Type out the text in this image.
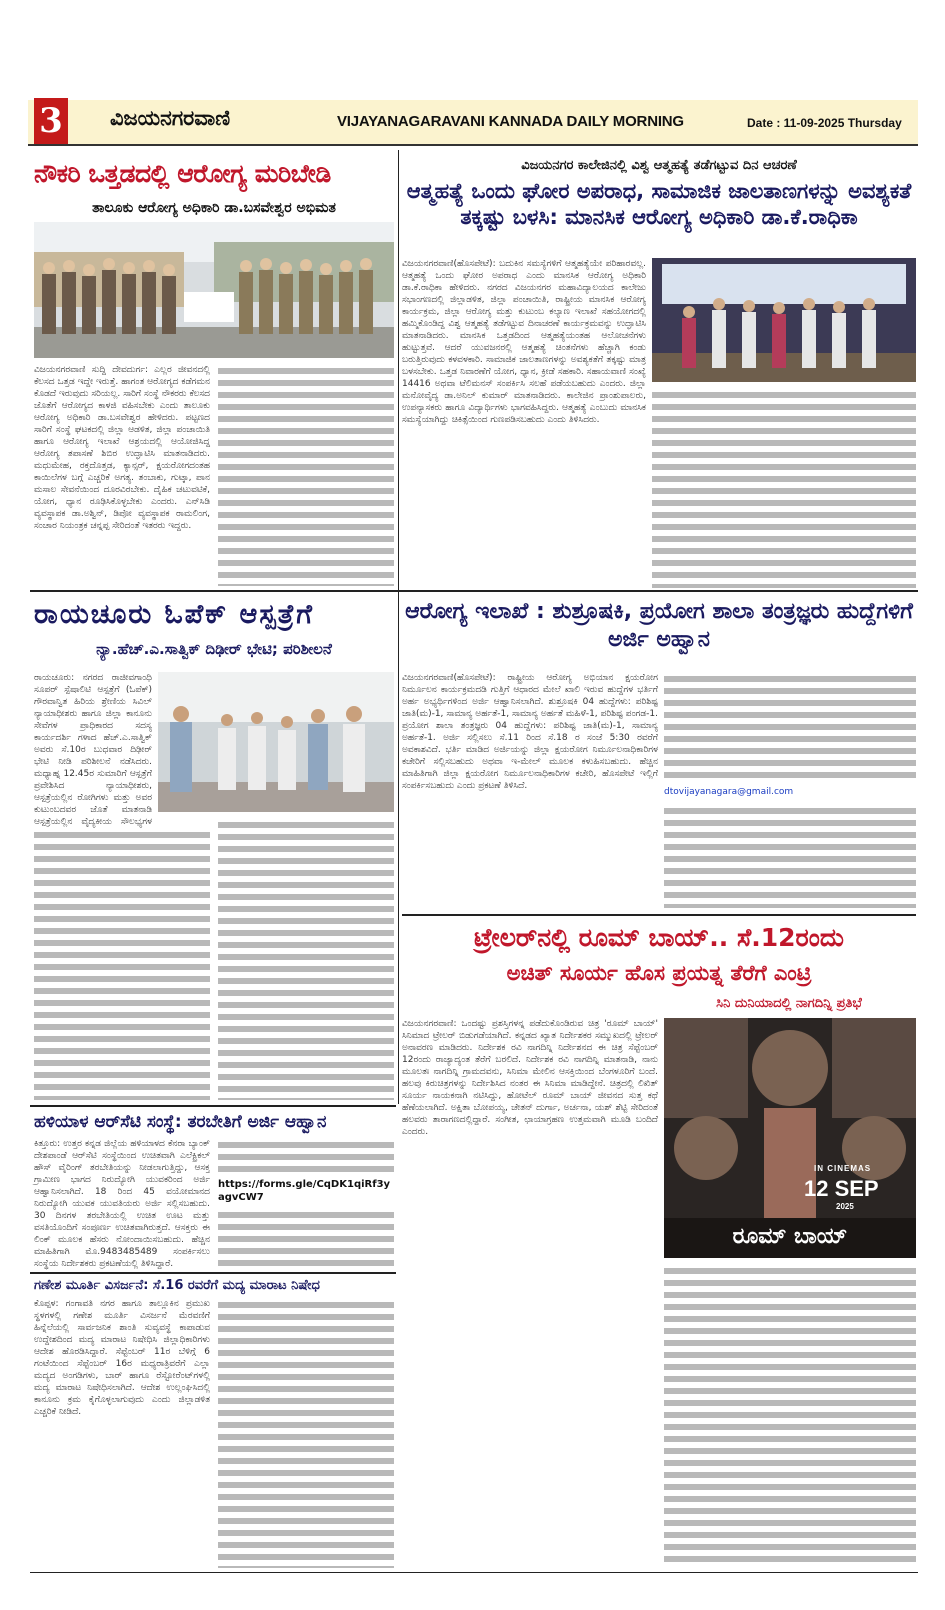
3 ವಿಜಯನಗರವಾಣಿ	VIJAYANAGARAVANI KANNADA DAILY MORNING	Date : 11-09-2025 Thursday
ನೌಕರಿ ಒತ್ತಡದಲ್ಲಿ ಆರೋಗ್ಯ ಮರಿಬೇಡಿ
ತಾಲೂಕು ಆರೋಗ್ಯ ಅಧಿಕಾರಿ ಡಾ.ಬಸವೇಶ್ವರ ಅಭಿಮತ
ವಿಜಯನಗರವಾಣಿ ಸುದ್ದಿ ದೇವದುರ್ಗ: ಎಲ್ಲರ ಜೀವನದಲ್ಲಿ ಕೆಲಸದ ಒತ್ತಡ ಇದ್ದೇ ಇರುತ್ತೆ. ಹಾಗಂತ ಆರೋಗ್ಯದ ಕಡೆಗಮನ ಕೊಡದೆ ಇರುವುದು ಸರಿಯಲ್ಲ. ಸಾರಿಗೆ ಸಂಸ್ಥೆ ನೌಕರರು ಕೆಲಸದ ಜೊತೆಗೆ ಆರೋಗ್ಯದ ಕಾಳಜಿ ವಹಿಸಬೇಕು ಎಂದು ತಾಲೂಕು ಆರೋಗ್ಯ ಅಧಿಕಾರಿ ಡಾ.ಬಸವೇಶ್ವರ ಹೇಳಿದರು. ಪಟ್ಟಣದ ಸಾರಿಗೆ ಸಂಸ್ಥೆ ಘಟಕದಲ್ಲಿ ಜಿಲ್ಲಾ ಆಡಳಿತ, ಜಿಲ್ಲಾ ಪಂಚಾಯಿತಿ ಹಾಗೂ ಆರೋಗ್ಯ ಇಲಾಖೆ ಆಶ್ರಯದಲ್ಲಿ ಆಯೋಜಿಸಿದ್ದ ಆರೋಗ್ಯ ತಪಾಸಣೆ ಶಿಬಿರ ಉದ್ಘಾಟಿಸಿ ಮಾತನಾಡಿದರು. ಮಧುಮೇಹ, ರಕ್ತದೊತ್ತಡ, ಕ್ಯಾನ್ಸರ್, ಕ್ಷಯರೋಗದಂತಹ ಕಾಯಿಲೆಗಳ ಬಗ್ಗೆ ಎಚ್ಚರಿಕೆ ಅಗತ್ಯ. ತಂಬಾಕು, ಗುಟ್ಕಾ, ಪಾನ ಮಸಾಲ ಸೇವನೆಯಿಂದ ದೂರವಿರಬೇಕು. ದೈಹಿಕ ಚಟುವಟಿಕೆ, ಯೋಗ, ಧ್ಯಾನ ರೂಢಿಸಿಕೊಳ್ಳಬೇಕು ಎಂದರು. ಎನ್‌ಸಿಡಿ ವ್ಯವಸ್ಥಾಪಕ ಡಾ.ಅಶ್ವಿನ್, ಡಿಪೋ ವ್ಯವಸ್ಥಾಪಕ ರಾಮಲಿಂಗ, ಸಂಚಾರ ನಿಯಂತ್ರಕ ಚನ್ನಪ್ಪ ಸೇರಿದಂತೆ ಇತರರು ಇದ್ದರು.
ವಿಜಯನಗರ ಕಾಲೇಜಿನಲ್ಲಿ ವಿಶ್ವ ಆತ್ಮಹತ್ಯೆ ತಡೆಗಟ್ಟುವ ದಿನ ಆಚರಣೆ
ಆತ್ಮಹತ್ಯೆ ಒಂದು ಘೋರ ಅಪರಾಧ, ಸಾಮಾಜಿಕ ಜಾಲತಾಣಗಳನ್ನು ಅವಶ್ಯಕತೆ ತಕ್ಕಷ್ಟು ಬಳಸಿ: ಮಾನಸಿಕ ಆರೋಗ್ಯ ಅಧಿಕಾರಿ ಡಾ.ಕೆ.ರಾಧಿಕಾ
ವಿಜಯನಗರವಾಣಿ(ಹೊಸಪೇಟೆ): ಬದುಕಿನ ಸಮಸ್ಯೆಗಳಿಗೆ ಆತ್ಮಹತ್ಯೆಯೇ ಪರಿಹಾರವಲ್ಲ. ಆತ್ಮಹತ್ಯೆ ಒಂದು ಘೋರ ಅಪರಾಧ ಎಂದು ಮಾನಸಿಕ ಆರೋಗ್ಯ ಅಧಿಕಾರಿ ಡಾ.ಕೆ.ರಾಧಿಕಾ ಹೇಳಿದರು. ನಗರದ ವಿಜಯನಗರ ಮಹಾವಿದ್ಯಾಲಯದ ಕಾಲೇಜು ಸಭಾಂಗಣದಲ್ಲಿ ಜಿಲ್ಲಾಡಳಿತ, ಜಿಲ್ಲಾ ಪಂಚಾಯಿತಿ, ರಾಷ್ಟ್ರೀಯ ಮಾನಸಿಕ ಆರೋಗ್ಯ ಕಾರ್ಯಕ್ರಮ, ಜಿಲ್ಲಾ ಆರೋಗ್ಯ ಮತ್ತು ಕುಟುಂಬ ಕಲ್ಯಾಣ ಇಲಾಖೆ ಸಹಯೋಗದಲ್ಲಿ ಹಮ್ಮಿಕೊಂಡಿದ್ದ ವಿಶ್ವ ಆತ್ಮಹತ್ಯೆ ತಡೆಗಟ್ಟುವ ದಿನಾಚರಣೆ ಕಾರ್ಯಕ್ರಮವನ್ನು ಉದ್ಘಾಟಿಸಿ ಮಾತನಾಡಿದರು. ಮಾನಸಿಕ ಒತ್ತಡದಿಂದ ಆತ್ಮಹತ್ಯೆಯಂತಹ ಆಲೋಚನೆಗಳು ಹುಟ್ಟುತ್ತವೆ. ಆದರೆ ಯುವಜನರಲ್ಲಿ ಆತ್ಮಹತ್ಯೆ ಚಿಂತನೆಗಳು ಹೆಚ್ಚಾಗಿ ಕಂಡು ಬರುತ್ತಿರುವುದು ಕಳವಳಕಾರಿ. ಸಾಮಾಜಿಕ ಜಾಲತಾಣಗಳನ್ನು ಅವಶ್ಯಕತೆಗೆ ತಕ್ಕಷ್ಟು ಮಾತ್ರ ಬಳಸಬೇಕು. ಒತ್ತಡ ನಿವಾರಣೆಗೆ ಯೋಗ, ಧ್ಯಾನ, ಕ್ರೀಡೆ ಸಹಕಾರಿ. ಸಹಾಯವಾಣಿ ಸಂಖ್ಯೆ 14416 ಅಥವಾ ಟೆಲಿಮನಸ್ ಸಂಪರ್ಕಿಸಿ ಸಲಹೆ ಪಡೆಯಬಹುದು ಎಂದರು. ಜಿಲ್ಲಾ ಮನೋವೈದ್ಯ ಡಾ.ಅನಿಲ್ ಕುಮಾರ್ ಮಾತನಾಡಿದರು. ಕಾಲೇಜಿನ ಪ್ರಾಂಶುಪಾಲರು, ಉಪನ್ಯಾಸಕರು ಹಾಗೂ ವಿದ್ಯಾರ್ಥಿಗಳು ಭಾಗವಹಿಸಿದ್ದರು. ಆತ್ಮಹತ್ಯೆ ಎಂಬುದು ಮಾನಸಿಕ ಸಮಸ್ಯೆಯಾಗಿದ್ದು ಚಿಕಿತ್ಸೆಯಿಂದ ಗುಣಪಡಿಸಬಹುದು ಎಂದು ತಿಳಿಸಿದರು.
ರಾಯಚೂರು ಓಪೆಕ್ ಆಸ್ಪತ್ರೆಗೆ
ನ್ಯಾ.ಹೆಚ್.ಎ.ಸಾತ್ವಿಕ್ ದಿಢೀರ್ ಭೇಟಿ; ಪರಿಶೀಲನೆ
ರಾಯಚೂರು: ನಗರದ ರಾಜೀವಗಾಂಧಿ ಸೂಪರ್ ಸ್ಪೆಷಾಲಿಟಿ ಆಸ್ಪತ್ರೆಗೆ (ಓಪೆಕ್) ಗೌರವಾನ್ವಿತ ಹಿರಿಯ ಶ್ರೇಣಿಯ ಸಿವಿಲ್ ನ್ಯಾಯಾಧೀಶರು ಹಾಗೂ ಜಿಲ್ಲಾ ಕಾನೂನು ಸೇವೆಗಳ ಪ್ರಾಧಿಕಾರದ ಸದಸ್ಯ ಕಾರ್ಯದರ್ಶಿ ಗಳಾದ ಹೆಚ್.ಎ.ಸಾತ್ವಿಕ್ ಅವರು ಸೆ.10ರ ಬುಧವಾರ ದಿಢೀರ್ ಭೇಟಿ ನೀಡಿ ಪರಿಶೀಲನೆ ನಡೆಸಿದರು. ಮಧ್ಯಾಹ್ನ 12.45ರ ಸುಮಾರಿಗೆ ಆಸ್ಪತ್ರೆಗೆ ಪ್ರವೇಶಿಸಿದ ನ್ಯಾಯಾಧೀಶರು, ಆಸ್ಪತ್ರೆಯಲ್ಲಿನ ರೋಗಿಗಳು ಮತ್ತು ಅವರ ಕುಟುಂಬದವರ ಜೊತೆ ಮಾತನಾಡಿ ಆಸ್ಪತ್ರೆಯಲ್ಲಿನ ವೈದ್ಯಕೀಯ ಸೌಲಭ್ಯಗಳ
ಆರೋಗ್ಯ ಇಲಾಖೆ : ಶುಶ್ರೂಷಕಿ, ಪ್ರಯೋಗ ಶಾಲಾ ತಂತ್ರಜ್ಞರು ಹುದ್ದೆಗಳಿಗೆ ಅರ್ಜಿ ಅಹ್ವಾನ
ವಿಜಯನಗರವಾಣಿ(ಹೊಸಪೇಟೆ): ರಾಷ್ಟ್ರೀಯ ಆರೋಗ್ಯ ಅಭಿಯಾನ ಕ್ಷಯರೋಗ ನಿರ್ಮೂಲನ ಕಾರ್ಯಕ್ರಮದಡಿ ಗುತ್ತಿಗೆ ಆಧಾರದ ಮೇಲೆ ಖಾಲಿ ಇರುವ ಹುದ್ದೆಗಳ ಭರ್ತಿಗೆ ಅರ್ಹ ಅಭ್ಯರ್ಥಿಗಳಿಂದ ಅರ್ಜಿ ಆಹ್ವಾನಿಸಲಾಗಿದೆ. ಶುಶ್ರೂಷಕಿ 04 ಹುದ್ದೆಗಳು: ಪರಿಶಿಷ್ಟ ಜಾತಿ(ಮ)-1, ಸಾಮಾನ್ಯ ಅರ್ಹತೆ-1, ಸಾಮಾನ್ಯ ಅರ್ಹತೆ ಮಹಿಳೆ-1, ಪರಿಶಿಷ್ಟ ಪಂಗಡ-1. ಪ್ರಯೋಗ ಶಾಲಾ ತಂತ್ರಜ್ಞರು 04 ಹುದ್ದೆಗಳು: ಪರಿಶಿಷ್ಟ ಜಾತಿ(ಮ)-1, ಸಾಮಾನ್ಯ ಅರ್ಹತೆ-1. ಅರ್ಜಿ ಸಲ್ಲಿಸಲು ಸೆ.11 ರಿಂದ ಸೆ.18 ರ ಸಂಜೆ 5:30 ರವರೆಗೆ ಅವಕಾಶವಿದೆ. ಭರ್ತಿ ಮಾಡಿದ ಅರ್ಜಿಯನ್ನು ಜಿಲ್ಲಾ ಕ್ಷಯರೋಗ ನಿರ್ಮೂಲನಾಧಿಕಾರಿಗಳ ಕಚೇರಿಗೆ ಸಲ್ಲಿಸಬಹುದು ಅಥವಾ ಇ-ಮೇಲ್ ಮೂಲಕ ಕಳುಹಿಸಬಹುದು. ಹೆಚ್ಚಿನ ಮಾಹಿತಿಗಾಗಿ ಜಿಲ್ಲಾ ಕ್ಷಯರೋಗ ನಿರ್ಮೂಲನಾಧಿಕಾರಿಗಳ ಕಚೇರಿ, ಹೊಸಪೇಟೆ ಇಲ್ಲಿಗೆ ಸಂಪರ್ಕಿಸಬಹುದು ಎಂದು ಪ್ರಕಟಣೆ ತಿಳಿಸಿದೆ.
dtovijayanagara@gmail.com
ಟ್ರೇಲರ್‌ನಲ್ಲಿ ರೂಮ್ ಬಾಯ್.. ಸೆ.12ರಂದು
ಅಚಿತ್ ಸೂರ್ಯ ಹೊಸ ಪ್ರಯತ್ನ ತೆರೆಗೆ ಎಂಟ್ರಿ
ಸಿನಿ ದುನಿಯಾದಲ್ಲಿ ನಾಗದಿನ್ನಿ ಪ್ರತಿಭೆ
ವಿಜಯನಗರವಾಣಿ: ಒಂದಷ್ಟು ಪ್ರಶಸ್ತಿಗಳನ್ನ ಪಡೆದುಕೊಂಡಿರುವ ಚಿತ್ರ 'ರೂಮ್ ಬಾಯ್' ಸಿನಿಮಾದ ಟ್ರೇಲರ್ ಬಿಡುಗಡೆಯಾಗಿದೆ. ಕನ್ನಡದ ಖ್ಯಾತ ನಿರ್ದೇಶಕರ ಸಮ್ಮುಖದಲ್ಲಿ ಟ್ರೇಲರ್ ಅನಾವರಣ ಮಾಡಿದರು. ನಿರ್ದೇಶಕ ರವಿ ನಾಗದಿನ್ನಿ ನಿರ್ದೇಶನದ ಈ ಚಿತ್ರ ಸೆಪ್ಟೆಂಬರ್ 12ರಂದು ರಾಜ್ಯಾದ್ಯಂತ ತೆರೆಗೆ ಬರಲಿದೆ. ನಿರ್ದೇಶಕ ರವಿ ನಾಗದಿನ್ನಿ ಮಾತನಾಡಿ, ನಾನು ಮೂಲತಃ ನಾಗದಿನ್ನಿ ಗ್ರಾಮದವನು, ಸಿನಿಮಾ ಮೇಲಿನ ಆಸಕ್ತಿಯಿಂದ ಬೆಂಗಳೂರಿಗೆ ಬಂದೆ. ಹಲವು ಕಿರುಚಿತ್ರಗಳನ್ನು ನಿರ್ದೇಶಿಸಿದ ನಂತರ ಈ ಸಿನಿಮಾ ಮಾಡಿದ್ದೇನೆ. ಚಿತ್ರದಲ್ಲಿ ಲಿಖಿತ್ ಸೂರ್ಯ ನಾಯಕನಾಗಿ ನಟಿಸಿದ್ದು, ಹೋಟೆಲ್ ರೂಮ್ ಬಾಯ್ ಜೀವನದ ಸುತ್ತ ಕಥೆ ಹೆಣೆಯಲಾಗಿದೆ. ಅಕ್ಷಿತಾ ಬೋಪಯ್ಯ, ಚೇತನ್ ದುರ್ಗಾ, ಅರ್ಚನಾ, ಯಶ್ ಶೆಟ್ಟಿ ಸೇರಿದಂತೆ ಹಲವರು ತಾರಾಗಣದಲ್ಲಿದ್ದಾರೆ. ಸಂಗೀತ, ಛಾಯಾಗ್ರಹಣ ಉತ್ತಮವಾಗಿ ಮೂಡಿ ಬಂದಿದೆ ಎಂದರು.
IN CINEMAS
12 SEP
2025
ರೂಮ್ ಬಾಯ್
ಹಳಿಯಾಳ ಆರ್‌ಸೆಟಿ ಸಂಸ್ಥೆ: ತರಬೇತಿಗೆ ಅರ್ಜಿ ಆಹ್ವಾನ
ಕಿತ್ತೂರು: ಉತ್ತರ ಕನ್ನಡ ಜಿಲ್ಲೆಯ ಹಳಿಯಾಳದ ಕೆನರಾ ಬ್ಯಾಂಕ್ ದೇಶಪಾಂಡೆ ಆರ್‌ಸೆಟಿ ಸಂಸ್ಥೆಯಿಂದ ಉಚಿತವಾಗಿ ಎಲೆಕ್ಟ್ರಿಕಲ್ ಹೌಸ್ ವೈರಿಂಗ್ ತರಬೇತಿಯನ್ನು ನೀಡಲಾಗುತ್ತಿದ್ದು, ಆಸಕ್ತ ಗ್ರಾಮೀಣ ಭಾಗದ ನಿರುದ್ಯೋಗಿ ಯುವಕರಿಂದ ಅರ್ಜಿ ಆಹ್ವಾನಿಸಲಾಗಿದೆ. 18 ರಿಂದ 45 ವಯೋಮಾನದ ನಿರುದ್ಯೋಗಿ ಯುವಕ ಯುವತಿಯರು ಅರ್ಜಿ ಸಲ್ಲಿಸಬಹುದು. 30 ದಿನಗಳ ತರಬೇತಿಯಲ್ಲಿ ಉಚಿತ ಊಟ ಮತ್ತು ವಸತಿಯೊಂದಿಗೆ ಸಂಪೂರ್ಣ ಉಚಿತವಾಗಿರುತ್ತದೆ. ಆಸಕ್ತರು ಈ ಲಿಂಕ್ ಮೂಲಕ ಹೆಸರು ನೋಂದಾಯಿಸಬಹುದು. ಹೆಚ್ಚಿನ ಮಾಹಿತಿಗಾಗಿ ಮೊ.9483485489 ಸಂಪರ್ಕಿಸಲು ಸಂಸ್ಥೆಯ ನಿರ್ದೇಶಕರು ಪ್ರಕಟಣೆಯಲ್ಲಿ ತಿಳಿಸಿದ್ದಾರೆ.
https://forms.gle/CqDK1qiRf3yagvCW7
ಗಣೇಶ ಮೂರ್ತಿ ವಿಸರ್ಜನೆ: ಸೆ.16 ರವರೆಗೆ ಮದ್ಯ ಮಾರಾಟ ನಿಷೇಧ
ಕೊಪ್ಪಳ: ಗಂಗಾವತಿ ನಗರ ಹಾಗೂ ತಾಲ್ಲೂಕಿನ ಪ್ರಮುಖ ಸ್ಥಳಗಳಲ್ಲಿ ಗಣೇಶ ಮೂರ್ತಿ ವಿಸರ್ಜನೆ ಮೆರವಣಿಗೆ ಹಿನ್ನೆಲೆಯಲ್ಲಿ ಸಾರ್ವಜನಿಕ ಶಾಂತಿ ಸುವ್ಯವಸ್ಥೆ ಕಾಪಾಡುವ ಉದ್ದೇಶದಿಂದ ಮದ್ಯ ಮಾರಾಟ ನಿಷೇಧಿಸಿ ಜಿಲ್ಲಾಧಿಕಾರಿಗಳು ಆದೇಶ ಹೊರಡಿಸಿದ್ದಾರೆ. ಸೆಪ್ಟೆಂಬರ್ 11ರ ಬೆಳಿಗ್ಗೆ 6 ಗಂಟೆಯಿಂದ ಸೆಪ್ಟೆಂಬರ್ 16ರ ಮಧ್ಯರಾತ್ರಿವರೆಗೆ ಎಲ್ಲಾ ಮದ್ಯದ ಅಂಗಡಿಗಳು, ಬಾರ್ ಹಾಗೂ ರೆಸ್ಟೋರೆಂಟ್‌ಗಳಲ್ಲಿ ಮದ್ಯ ಮಾರಾಟ ನಿಷೇಧಿಸಲಾಗಿದೆ. ಆದೇಶ ಉಲ್ಲಂಘಿಸಿದಲ್ಲಿ ಕಾನೂನು ಕ್ರಮ ಕೈಗೊಳ್ಳಲಾಗುವುದು ಎಂದು ಜಿಲ್ಲಾಡಳಿತ ಎಚ್ಚರಿಕೆ ನೀಡಿದೆ.
